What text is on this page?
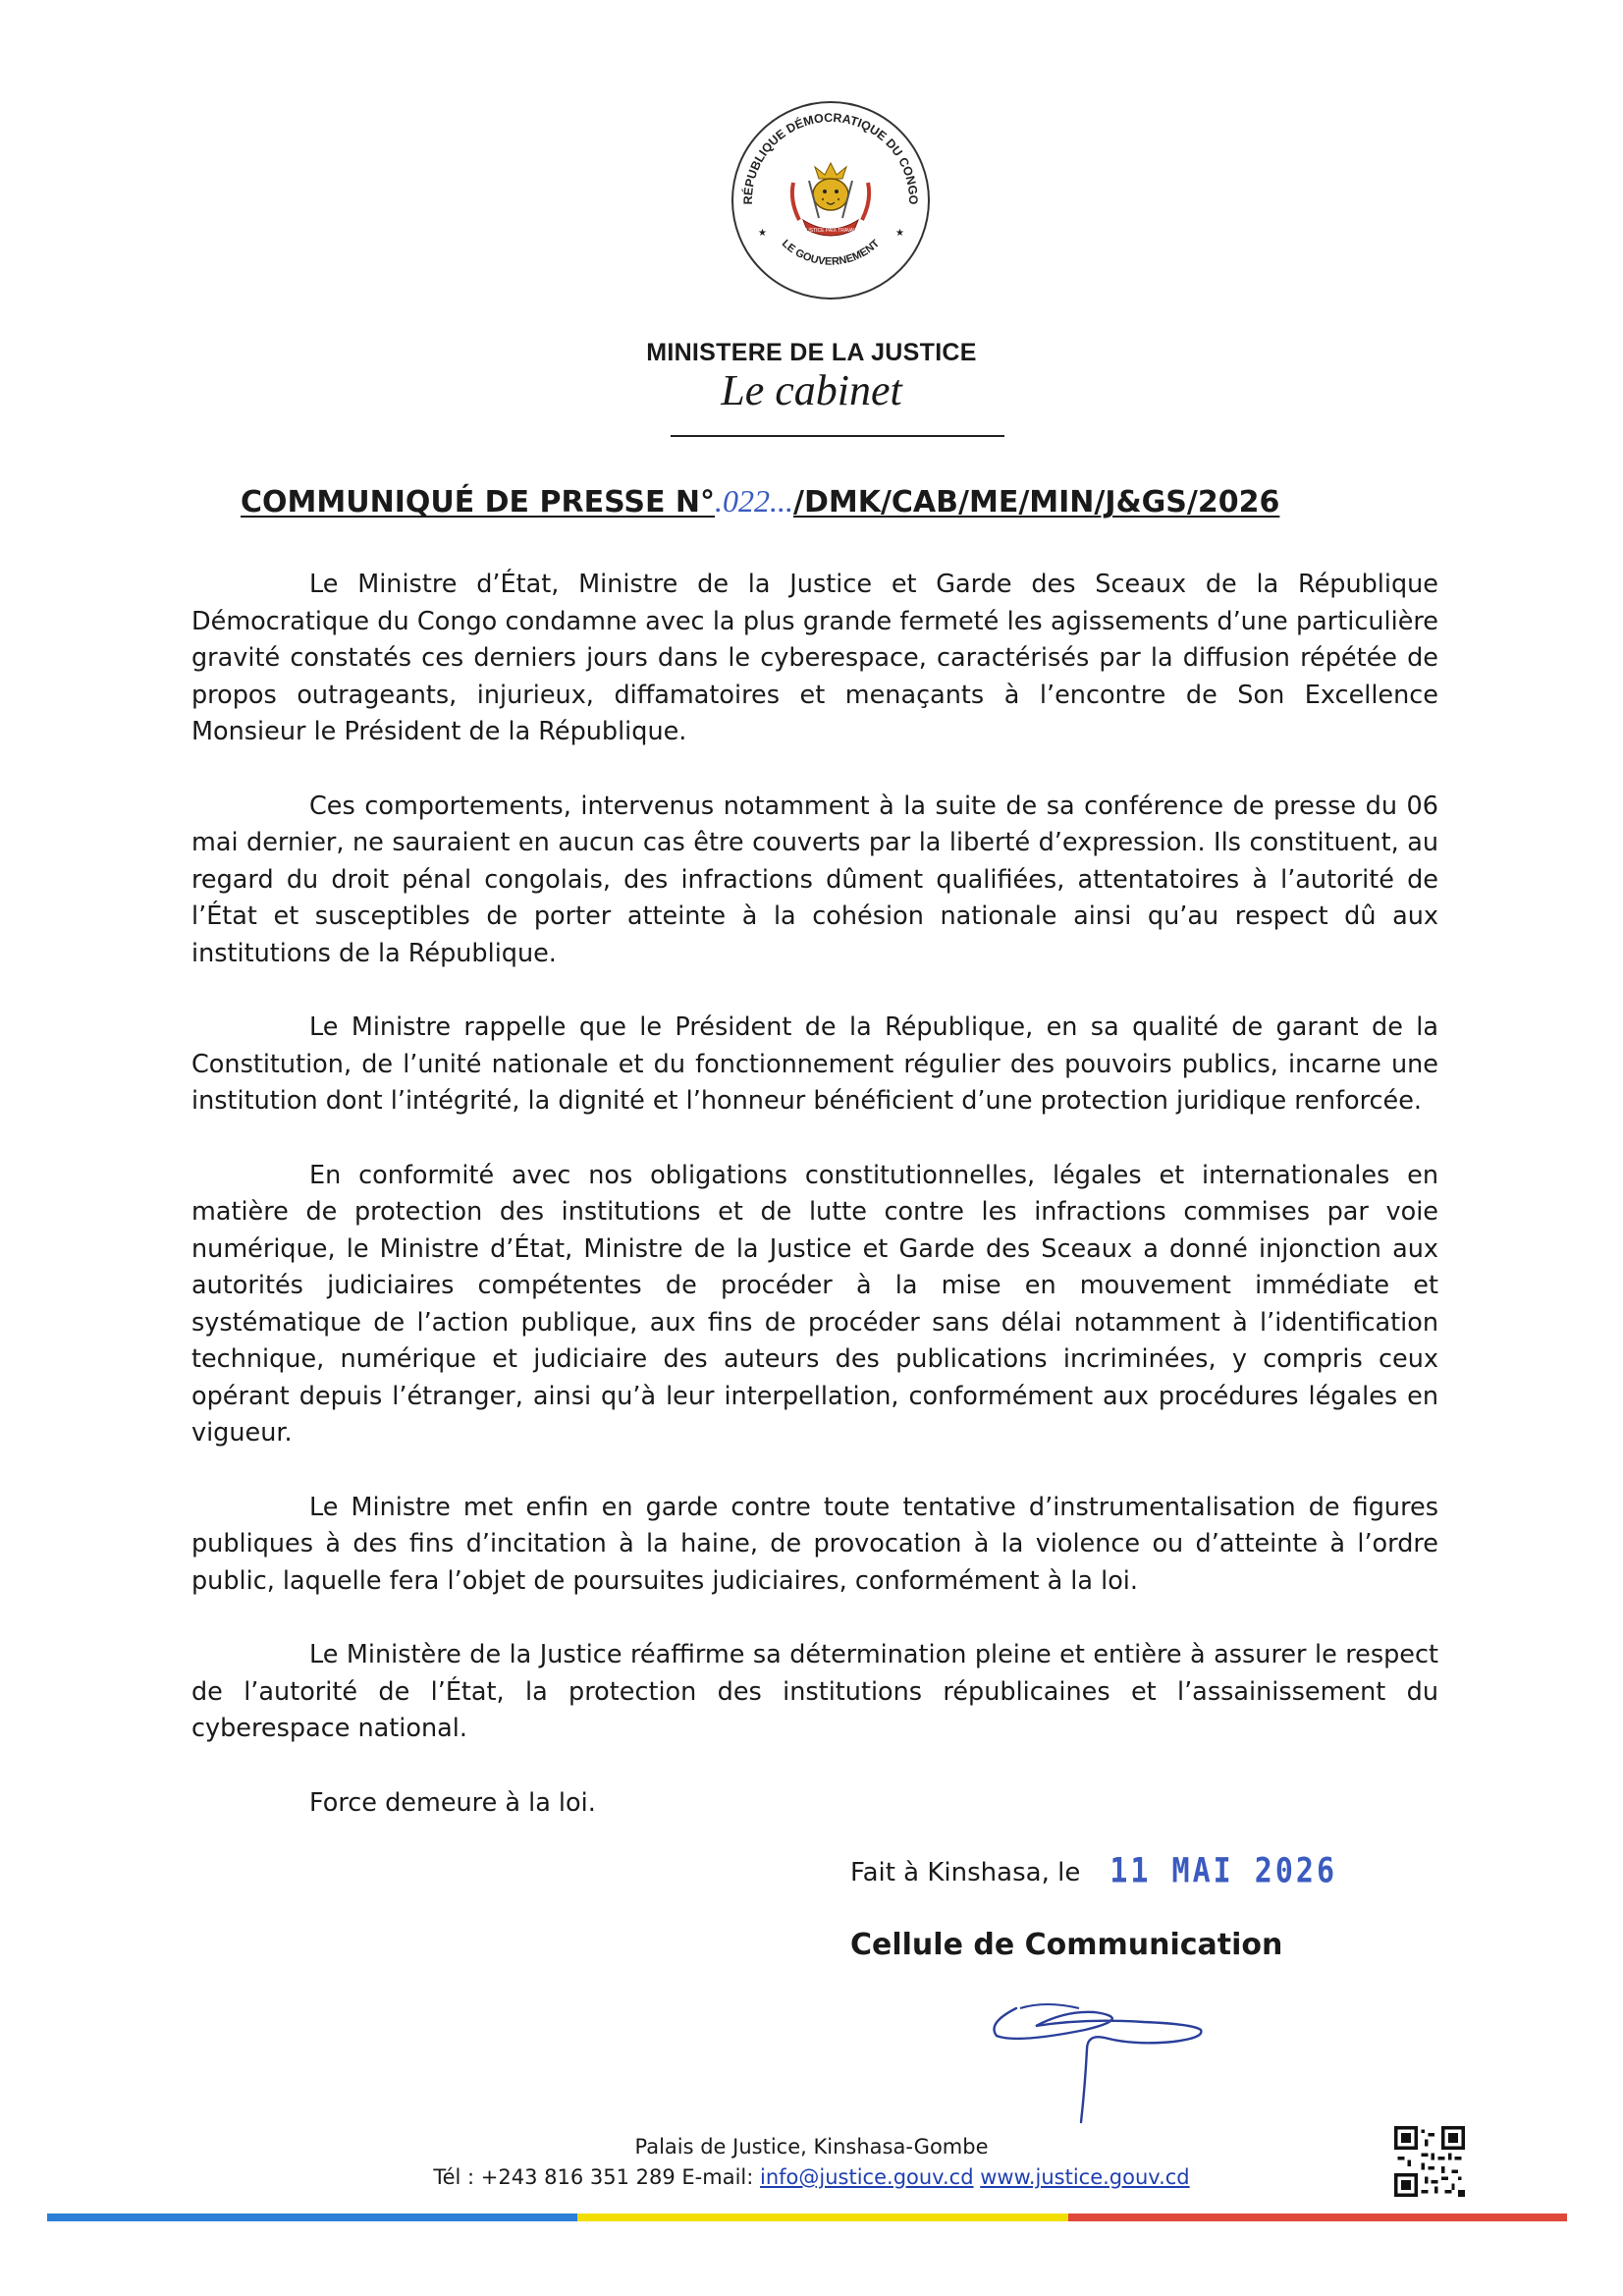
RÉPUBLIQUE DÉMOCRATIQUE DU CONGO
LE GOUVERNEMENT
★	★
JUSTICE PAIX TRAVAIL
MINISTERE DE LA JUSTICE
Le cabinet
COMMUNIQUÉ DE PRESSE N°.022.../DMK/CAB/ME/MIN/J&GS/2026

Le Ministre d’État, Ministre de la Justice et Garde des Sceaux de la République Démocratique du Congo condamne avec la plus grande fermeté les agissements d’une particulière gravité constatés ces derniers jours dans le cyberespace, caractérisés par la diffusion répétée de propos outrageants, injurieux, diffamatoires et menaçants à l’encontre de Son Excellence Monsieur le Président de la République.

Ces comportements, intervenus notamment à la suite de sa conférence de presse du 06 mai dernier, ne sauraient en aucun cas être couverts par la liberté d’expression. Ils constituent, au regard du droit pénal congolais, des infractions dûment qualifiées, attentatoires à l’autorité de l’État et susceptibles de porter atteinte à la cohésion nationale ainsi qu’au respect dû aux institutions de la République.

Le Ministre rappelle que le Président de la République, en sa qualité de garant de la Constitution, de l’unité nationale et du fonctionnement régulier des pouvoirs publics, incarne une institution dont l’intégrité, la dignité et l’honneur bénéficient d’une protection juridique renforcée.

En conformité avec nos obligations constitutionnelles, légales et internationales en matière de protection des institutions et de lutte contre les infractions commises par voie numérique, le Ministre d’État, Ministre de la Justice et Garde des Sceaux a donné injonction aux autorités judiciaires compétentes de procéder à la mise en mouvement immédiate et systématique de l’action publique, aux fins de procéder sans délai notamment à l’identification technique, numérique et judiciaire des auteurs des publications incriminées, y compris ceux opérant depuis l’étranger, ainsi qu’à leur interpellation, conformément aux procédures légales en vigueur.

Le Ministre met enfin en garde contre toute tentative d’instrumentalisation de figures publiques à des fins d’incitation à la haine, de provocation à la violence ou d’atteinte à l’ordre public, laquelle fera l’objet de poursuites judiciaires, conformément à la loi.

Le Ministère de la Justice réaffirme sa détermination pleine et entière à assurer le respect de l’autorité de l’État, la protection des institutions républicaines et l’assainissement du cyberespace national.

Force demeure à la loi.

Fait à Kinshasa, le 11 MAI 2026
Cellule de Communication
Palais de Justice, Kinshasa-Gombe
Tél : +243 816 351 289 E-mail: info@justice.gouv.cd www.justice.gouv.cd
